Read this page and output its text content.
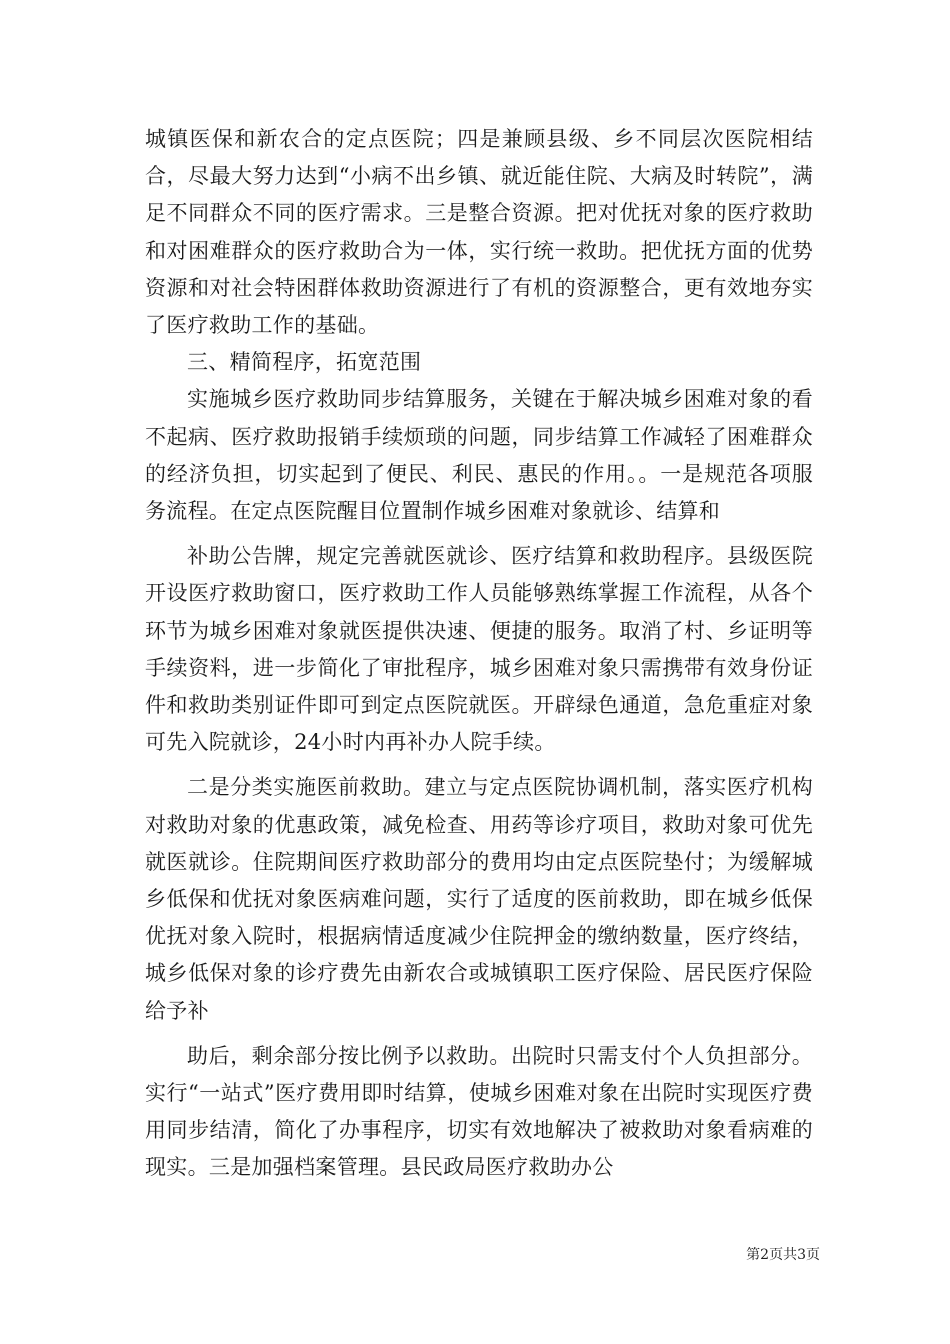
城镇医保和新农合的定点医院；四是兼顾县级、乡不同层次医院相结合，尽最大努力达到“小病不出乡镇、就近能住院、大病及时转院”，满足不同群众不同的医疗需求。三是整合资源。把对优抚对象的医疗救助和对困难群众的医疗救助合为一体，实行统一救助。把优抚方面的优势资源和对社会特困群体救助资源进行了有机的资源整合，更有效地夯实了医疗救助工作的基础。

三、精简程序，拓宽范围

实施城乡医疗救助同步结算服务，关键在于解决城乡困难对象的看不起病、医疗救助报销手续烦琐的问题，同步结算工作减轻了困难群众的经济负担，切实起到了便民、利民、惠民的作用。。一是规范各项服务流程。在定点医院醒目位置制作城乡困难对象就诊、结算和

补助公告牌，规定完善就医就诊、医疗结算和救助程序。县级医院开设医疗救助窗口，医疗救助工作人员能够熟练掌握工作流程，从各个环节为城乡困难对象就医提供决速、便捷的服务。取消了村、乡证明等手续资料，进一步简化了审批程序，城乡困难对象只需携带有效身份证件和救助类别证件即可到定点医院就医。开辟绿色通道，急危重症对象可先入院就诊，24小时内再补办人院手续。

二是分类实施医前救助。建立与定点医院协调机制，落实医疗机构对救助对象的优惠政策，减免检查、用药等诊疗项目，救助对象可优先就医就诊。住院期间医疗救助部分的费用均由定点医院垫付；为缓解城乡低保和优抚对象医病难问题，实行了适度的医前救助，即在城乡低保优抚对象入院时，根据病情适度减少住院押金的缴纳数量，医疗终结，城乡低保对象的诊疗费先由新农合或城镇职工医疗保险、居民医疗保险给予补

助后，剩余部分按比例予以救助。出院时只需支付个人负担部分。实行“一站式”医疗费用即时结算，使城乡困难对象在出院时实现医疗费用同步结清，简化了办事程序，切实有效地解决了被救助对象看病难的现实。三是加强档案管理。县民政局医疗救助办公

第2页共3页
